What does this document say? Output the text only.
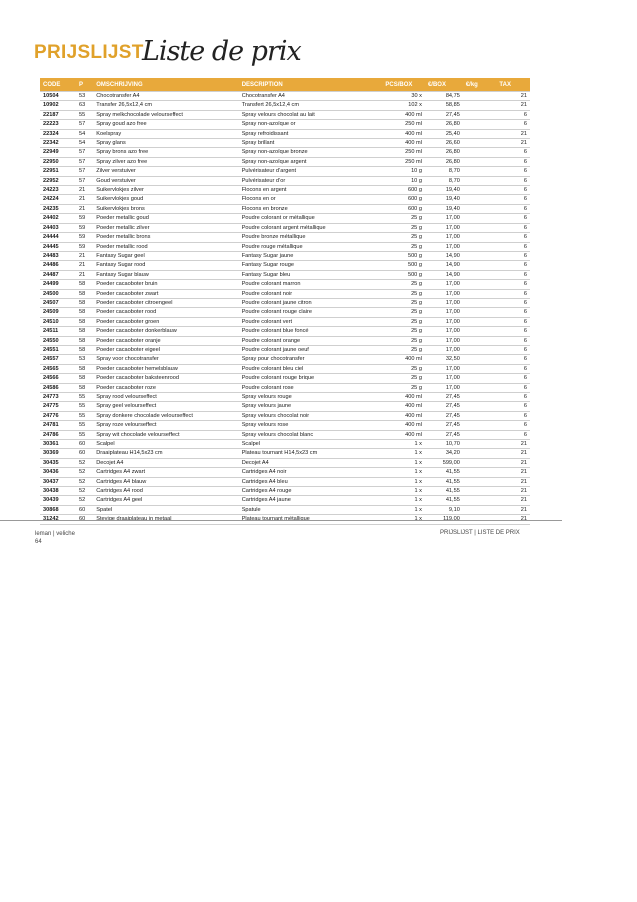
PRIJSLIJST
Liste de prix
CODE	P	OMSCHRIJVING	DESCRIPTION	PCS/BOX	€/BOX	€/kg	TAX
10504	53	Chocotransfer A4	Chocotransfer A4	30 x	84,75		21
10902	63	Transfer 26,5x12,4 cm	Transfert 26,5x12,4 cm	102 x	58,85		21
22187	55	Spray melkchocolade velourseffect	Spray velours chocolat au lait	400 ml	27,45		6
22223	57	Spray goud azo free	Spray non-azoïque or	250 ml	26,80		6
22324	54	Koelspray	Spray refroidissant	400 ml	25,40		21
22342	54	Spray glans	Spray brillant	400 ml	26,60		21
22949	57	Spray brons azo free	Spray non-azoïque bronze	250 ml	26,80		6
22950	57	Spray zilver azo free	Spray non-azoïque argent	250 ml	26,80		6
22951	57	Zilver verstuiver	Pulvérisateur d’argent	10 g	8,70		6
22952	57	Goud verstuiver	Pulvérisateur d’or	10 g	8,70		6
24223	21	Suikervlokjes zilver	Flocons en argent	600 g	19,40		6
24224	21	Suikervlokjes goud	Flocons en or	600 g	19,40		6
24235	21	Suikervlokjes brons	Flocons en bronze	600 g	19,40		6
24402	59	Poeder metallic goud	Poudre colorant or métallique	25 g	17,00		6
24403	59	Poeder metallic zilver	Poudre colorant argent métallique	25 g	17,00		6
24444	59	Poeder metallic brons	Poudre bronze métallique	25 g	17,00		6
24445	59	Poeder metallic rood	Poudre rouge métallique	25 g	17,00		6
24483	21	Fantasy Sugar geel	Fantasy Sugar jaune	500 g	14,90		6
24486	21	Fantasy Sugar rood	Fantasy Sugar rouge	500 g	14,90		6
24487	21	Fantasy Sugar blauw	Fantasy Sugar bleu	500 g	14,90		6
24499	58	Poeder cacaoboter bruin	Poudre colorant marron	25 g	17,00		6
24500	58	Poeder cacaoboter zwart	Poudre colorant noir	25 g	17,00		6
24507	58	Poeder cacaoboter citroengeel	Poudre colorant jaune citron	25 g	17,00		6
24509	58	Poeder cacaoboter rood	Poudre colorant rouge claire	25 g	17,00		6
24510	58	Poeder cacaoboter groen	Poudre colorant vert	25 g	17,00		6
24511	58	Poeder cacaoboter donkerblauw	Poudre colorant blue foncé	25 g	17,00		6
24550	58	Poeder cacaoboter oranje	Poudre colorant orange	25 g	17,00		6
24551	58	Poeder cacaoboter eigeel	Poudre colorant jaune oeuf	25 g	17,00		6
24557	53	Spray voor chocotransfer	Spray pour chocotransfer	400 ml	32,50		6
24565	58	Poeder cacaoboter hemelsblauw	Poudre colorant bleu ciel	25 g	17,00		6
24566	58	Poeder cacaoboter baksteenrood	Poudre colorant rouge brique	25 g	17,00		6
24586	58	Poeder cacaoboter roze	Poudre colorant rose	25 g	17,00		6
24773	55	Spray rood velourseffect	Spray velours rouge	400 ml	27,45		6
24775	55	Spray geel velourseffect	Spray velours jaune	400 ml	27,45		6
24776	55	Spray donkere chocolade velourseffect	Spray velours chocolat noir	400 ml	27,45		6
24781	55	Spray roze velourseffect	Spray velours rose	400 ml	27,45		6
24786	55	Spray wit chocolade velourseffect	Spray velours chocolat blanc	400 ml	27,45		6
30361	60	Scalpel	Scalpel	1 x	10,70		21
30369	60	Draaiplateau H14,5x23 cm	Plateau tournant H14,5x23 cm	1 x	34,20		21
30435	52	Decojet A4	Decojet A4	1 x	599,00		21
30436	52	Cartridges A4 zwart	Cartridges A4 noir	1 x	41,55		21
30437	52	Cartridges A4 blauw	Cartridges A4 bleu	1 x	41,55		21
30438	52	Cartridges A4 rood	Cartridges A4 rouge	1 x	41,55		21
30439	52	Cartridges A4 geel	Cartridges A4 jaune	1 x	41,55		21
30868	60	Spatel	Spatule	1 x	9,10		21
31242	60	Stevige draaiplateau in metaal	Plateau tournant métallique	1 x	119,00		21
leman | veliche
64
PRIJSLIJST | LISTE DE PRIX
